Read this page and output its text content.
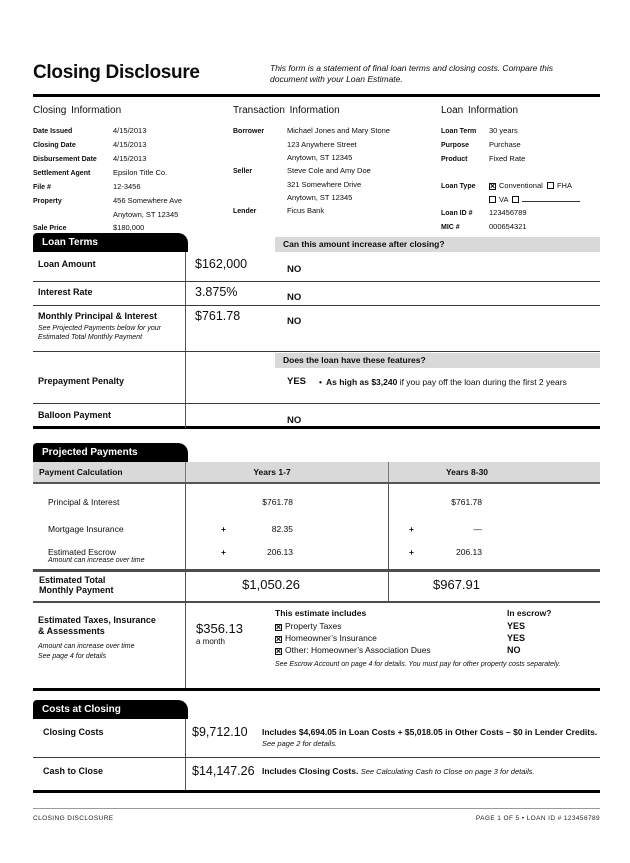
Closing Disclosure	This form is a statement of final loan terms and closing costs. Compare this document with your Loan Estimate.
Closing Information
Date Issued	4/15/2013
Closing Date	4/15/2013
Disbursement Date	4/15/2013
Settlement Agent	Epsilon Title Co.
File #	12-3456
Property	456 Somewhere Ave
Anytown, ST 12345
Sale Price	$180,000
Transaction Information
Borrower	Michael Jones and Mary Stone
123 Anywhere Street
Anytown, ST 12345
Seller	Steve Cole and Amy Doe
321 Somewhere Drive
Anytown, ST 12345
Lender	Ficus Bank
Loan Information
Loan Term	30 years
Purpose	Purchase
Product	Fixed Rate
Loan Type ×	Conventional FHA
VA
Loan ID #	123456789
MIC #	000654321
Loan Terms	Can this amount increase after closing?
Loan Amount	$162,000	NO
Interest Rate	3.875%	NO
Monthly Principal & Interest
See Projected Payments below for your Estimated Total Monthly Payment
$761.78	NO
Does the loan have these features?
Prepayment Penalty	YES	• As high as $3,240 if you pay off the loan during the first 2 years
Balloon Payment	NO
Projected Payments
Payment Calculation	Years 1-7	Years 8-30
Principal & Interest	$761.78	$761.78
Mortgage Insurance	+	82.35	+	—
Estimated Escrow
Amount can increase over time
+	206.13	+	206.13
Estimated Total
Monthly Payment	$1,050.26	$967.91
Estimated Taxes, Insurance
& Assessments
Amount can increase over time
See page 4 for details
$356.13
a month
This estimate includes	In escrow?
×Property Taxes	YES
×Homeowner’s Insurance	YES
×Other: Homeowner’s Association Dues	NO
See Escrow Account on page 4 for details. You must pay for other property costs separately.
Costs at Closing
Closing Costs	$9,712.10	Includes $4,694.05 in Loan Costs + $5,018.05 in Other Costs – $0 in Lender Credits. See page 2 for details.
Cash to Close	$14,147.26 Includes Closing Costs. See Calculating Cash to Close on page 3 for details.
CLOSING DISCLOSURE	PAGE 1 OF 5 • LOAN ID # 123456789
